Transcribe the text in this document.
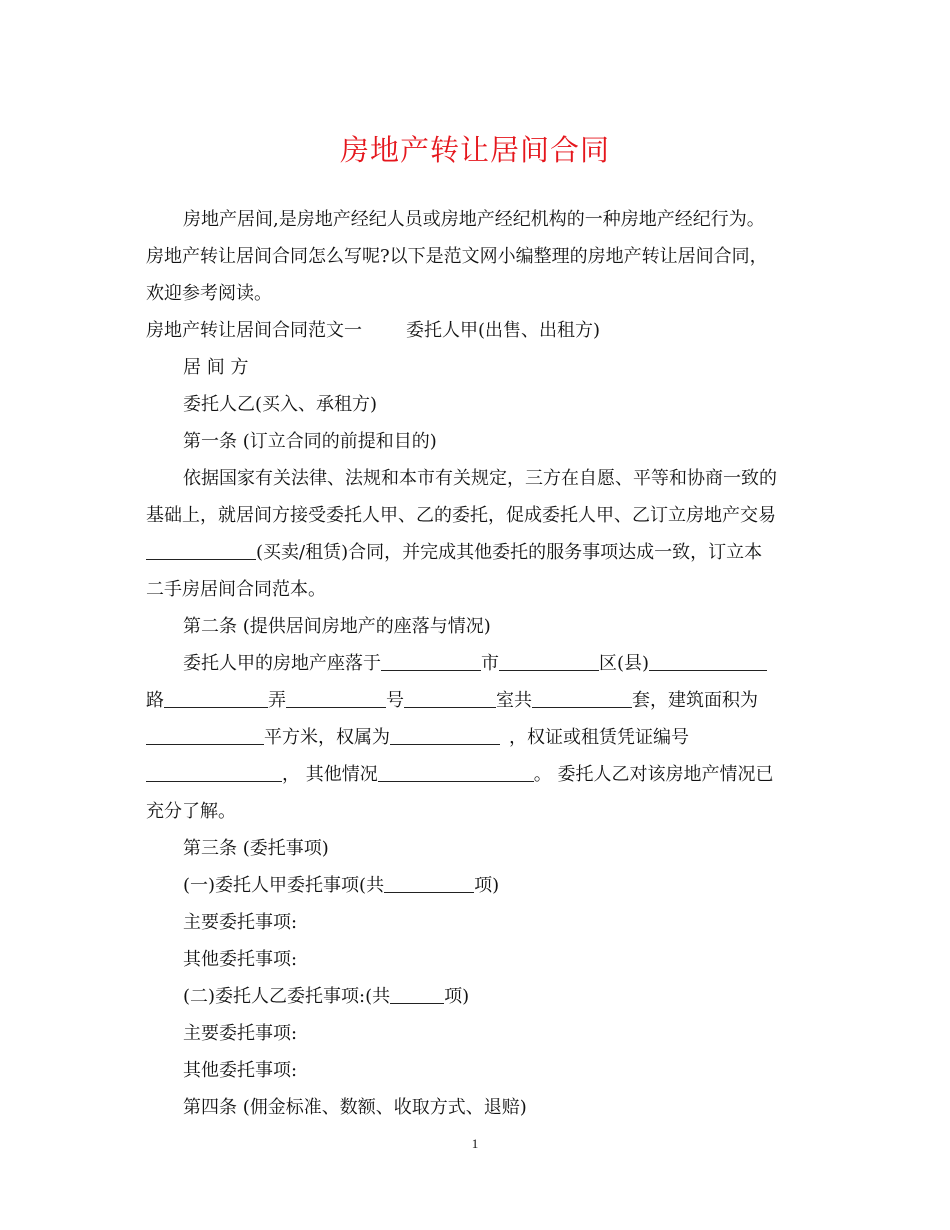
房地产转让居间合同

房地产居间,是房地产经纪人员或房地产经纪机构的一种房地产经纪行为。

房地产转让居间合同怎么写呢?以下是范文网小编整理的房地产转让居间合同，

欢迎参考阅读。

房地产转让居间合同范文一 委托人甲(出售、出租方)

居 间 方

委托人乙(买入、承租方)

第一条 (订立合同的前提和目的)

依据国家有关法律、法规和本市有关规定，三方在自愿、平等和协商一致的

基础上，就居间方接受委托人甲、乙的委托，促成委托人甲、乙订立房地产交易

(买卖/租赁)合同，并完成其他委托的服务事项达成一致，订立本

二手房居间合同范本。

第二条 (提供居间房地产的座落与情况)

委托人甲的房地产座落于	市	区(县)

路	弄	号	室共	套，建筑面积为

平方米，权属为	，权证或租赁凭证编号

， 其他情况	。 委托人乙对该房地产情况已

充分了解。

第三条 (委托事项)

(一)委托人甲委托事项(共	项)

主要委托事项:

其他委托事项:

(二)委托人乙委托事项:(共	项)

主要委托事项:

其他委托事项:

第四条 (佣金标准、数额、收取方式、退赔)

1
